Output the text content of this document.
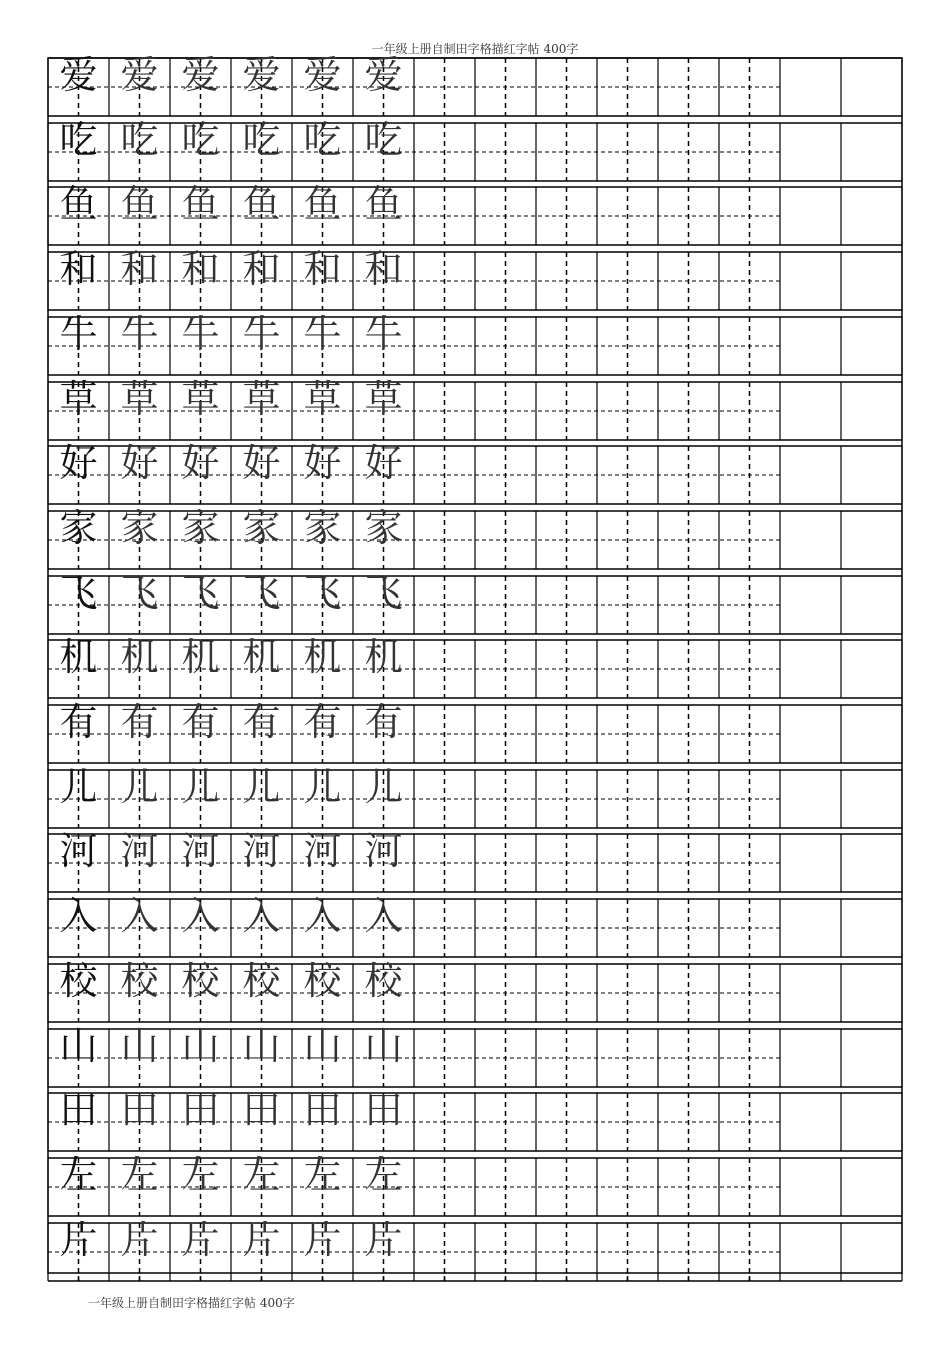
一年级上册自制田字格描红字帖 400字
爱 爱 爱 爱 爱 爱
吃 吃 吃 吃 吃 吃
鱼 鱼 鱼 鱼 鱼 鱼
和 和 和 和 和 和
牛 牛 牛 牛 牛 牛
草 草 草 草 草 草
好 好 好 好 好 好
家 家 家 家 家 家
飞 飞 飞 飞 飞 飞
机 机 机 机 机 机
有 有 有 有 有 有
儿 儿 儿 儿 儿 儿
河 河 河 河 河 河
入 入 入 入 入 入
校 校 校 校 校 校
山 山 山 山 山 山
田 田 田 田 田 田
左 左 左 左 左 左
片 片 片 片 片 片
一年级上册自制田字格描红字帖 400字
